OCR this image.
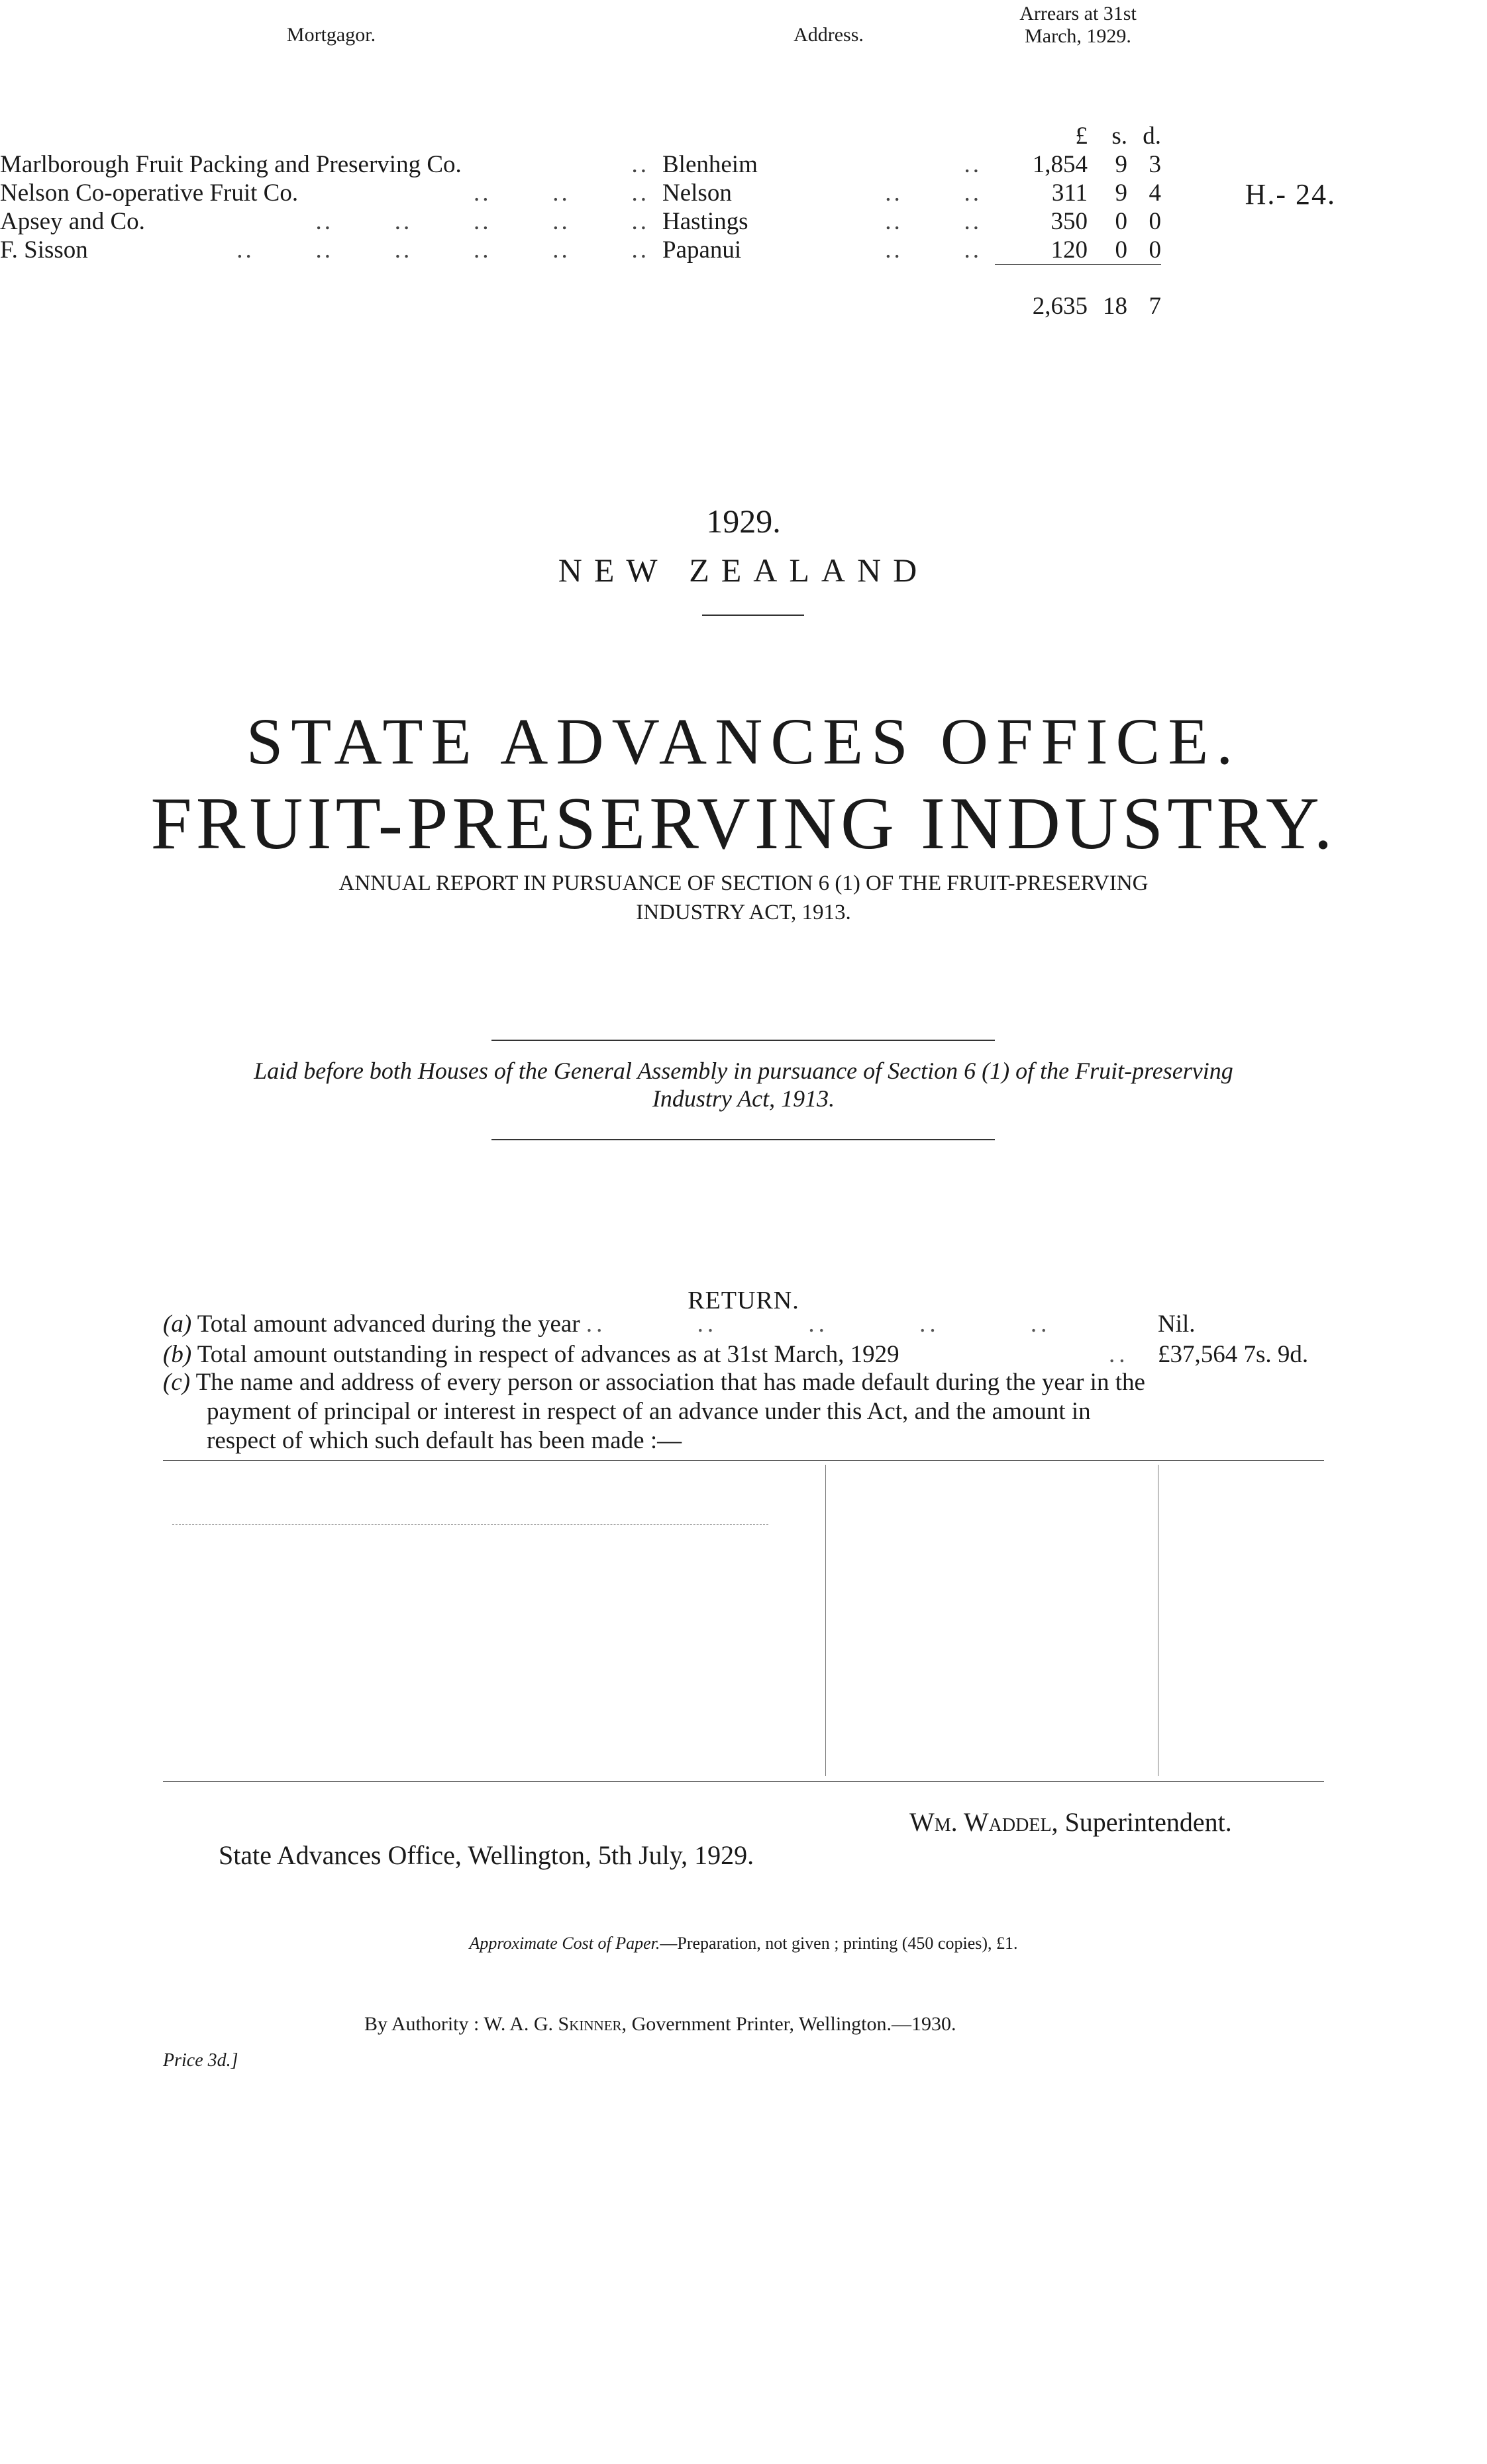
H.- 24.
1929.
NEW ZEALAND
STATE ADVANCES OFFICE.
FRUIT-PRESERVING INDUSTRY.
ANNUAL REPORT IN PURSUANCE OF SECTION 6 (1) OF THE FRUIT-PRESERVING
INDUSTRY ACT, 1913.
Laid before both Houses of the General Assembly in pursuance of Section 6 (1) of the Fruit-preserving
Industry Act, 1913.
RETURN.
(a) Total amount advanced during the year ..         ..         ..         ..         ..	Nil.
(b) Total amount outstanding in respect of advances as at 31st March, 1929	.. £37,564 7s. 9d.
(c) The name and address of every person or association that has made default during the year in the
payment of principal or interest in respect of an advance under this Act, and the amount in
respect of which such default has been made :—
Mortgagor.	Address.	Arrears at 31st
March, 1929.		

		£	s.	d.
Marlborough Fruit Packing and Preserving Co. ..	Blenheim ..	1,854	9	3
Nelson Co-operative Fruit Co. ..       ..       ..	Nelson ..       ..	311	9	4
Apsey and Co. ..       ..       ..       ..       ..	Hastings ..       ..	350	0	0
F. Sisson ..       ..       ..       ..       ..       ..	Papanui ..       ..	120	0	0
		2,635	18	7
Wm. Waddel, Superintendent.
State Advances Office, Wellington, 5th July, 1929.
Approximate Cost of Paper.—Preparation, not given ; printing (450 copies), £1.
By Authority : W. A. G. Skinner, Government Printer, Wellington.—1930.
Price 3d.]
